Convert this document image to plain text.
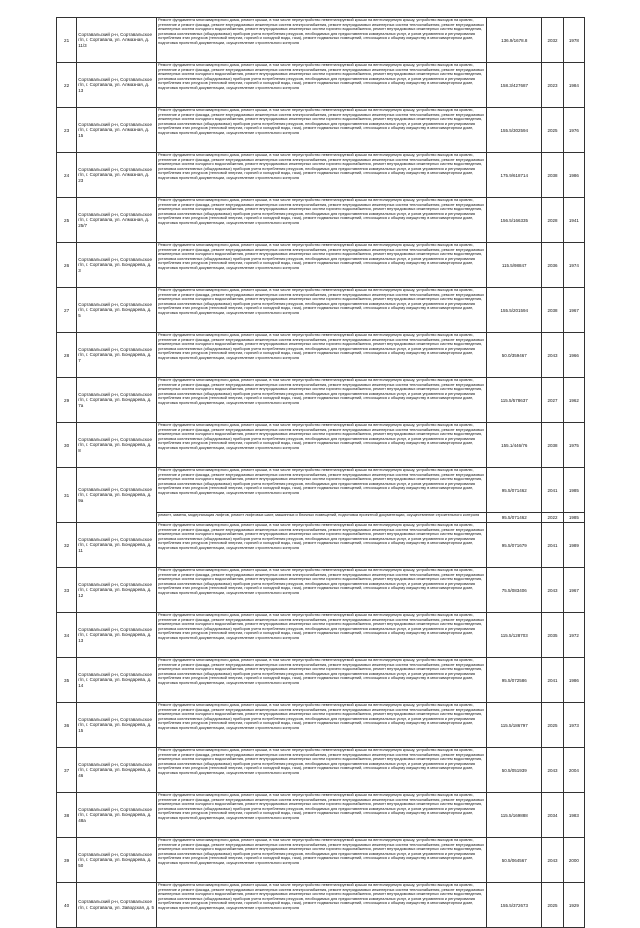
21	Сортавальский р-н, Сортавальское г/п, г. Сортавала, ул. Алмазная, д. 11/3	Ремонт фундамента многоквартирного дома, ремонт крыши, в том числе переустройство невентилируемой крыши на вентилируемую крышу, устройство выходов на кровлю, утепление и ремонт фасада, ремонт внутридомовых инженерных систем электроснабжения, ремонт внутридомовых инженерных систем теплоснабжения, ремонт внутридомовых инженерных систем холодного водоснабжения, ремонт внутридомовых инженерных систем горячего водоснабжения, ремонт внутридомовых инженерных систем водоотведения, установка коллективных (общедомовых) приборов учета потребления ресурсов, необходимых для предоставления коммунальных услуг, и узлов управления и регулирования потребления этих ресурсов (тепловой энергии, горячей и холодной воды, газа), ремонт подвальных помещений, относящихся к общему имуществу в многоквартирном доме, подготовка проектной документации, осуществление строительного контроля	136.9/1678.8	2032	1978
22	Сортавальский р-н, Сортавальское г/п, г. Сортавала, ул. Алмазная, д. 13	Ремонт фундамента многоквартирного дома, ремонт крыши, в том числе переустройство невентилируемой крыши на вентилируемую крышу, устройство выходов на кровлю, утепление и ремонт фасада, ремонт внутридомовых инженерных систем электроснабжения, ремонт внутридомовых инженерных систем теплоснабжения, ремонт внутридомовых инженерных систем холодного водоснабжения, ремонт внутридомовых инженерных систем горячего водоснабжения, ремонт внутридомовых инженерных систем водоотведения, установка коллективных (общедомовых) приборов учета потребления ресурсов, необходимых для предоставления коммунальных услуг, и узлов управления и регулирования потребления этих ресурсов (тепловой энергии, горячей и холодной воды, газа), ремонт подвальных помещений, относящихся к общему имуществу в многоквартирном доме, подготовка проектной документации, осуществление строительного контроля	158.3/427687	2023	1984
23	Сортавальский р-н, Сортавальское г/п, г. Сортавала, ул. Алмазная, д. 15	Ремонт фундамента многоквартирного дома, ремонт крыши, в том числе переустройство невентилируемой крыши на вентилируемую крышу, устройство выходов на кровлю, утепление и ремонт фасада, ремонт внутридомовых инженерных систем электроснабжения, ремонт внутридомовых инженерных систем теплоснабжения, ремонт внутридомовых инженерных систем холодного водоснабжения, ремонт внутридомовых инженерных систем горячего водоснабжения, ремонт внутридомовых инженерных систем водоотведения, установка коллективных (общедомовых) приборов учета потребления ресурсов, необходимых для предоставления коммунальных услуг, и узлов управления и регулирования потребления этих ресурсов (тепловой энергии, горячей и холодной воды, газа), ремонт подвальных помещений, относящихся к общему имуществу в многоквартирном доме, подготовка проектной документации, осуществление строительного контроля	155.5/302594	2025	1976
24	Сортавальский р-н, Сортавальское г/п, г. Сортавала, ул. Алмазная, д. 23	Ремонт фундамента многоквартирного дома, ремонт крыши, в том числе переустройство невентилируемой крыши на вентилируемую крышу, устройство выходов на кровлю, утепление и ремонт фасада, ремонт внутридомовых инженерных систем электроснабжения, ремонт внутридомовых инженерных систем теплоснабжения, ремонт внутридомовых инженерных систем холодного водоснабжения, ремонт внутридомовых инженерных систем горячего водоснабжения, ремонт внутридомовых инженерных систем водоотведения, установка коллективных (общедомовых) приборов учета потребления ресурсов, необходимых для предоставления коммунальных услуг, и узлов управления и регулирования потребления этих ресурсов (тепловой энергии, горячей и холодной воды, газа), ремонт подвальных помещений, относящихся к общему имуществу в многоквартирном доме, подготовка проектной документации, осуществление строительного контроля	175.9/618714	2038	1986
25	Сортавальский р-н, Сортавальское г/п, г. Сортавала, ул. Алмазная, д. 25/7	Ремонт фундамента многоквартирного дома, ремонт крыши, в том числе переустройство невентилируемой крыши на вентилируемую крышу, устройство выходов на кровлю, утепление и ремонт фасада, ремонт внутридомовых инженерных систем электроснабжения, ремонт внутридомовых инженерных систем теплоснабжения, ремонт внутридомовых инженерных систем холодного водоснабжения, ремонт внутридомовых инженерных систем горячего водоснабжения, ремонт внутридомовых инженерных систем водоотведения, установка коллективных (общедомовых) приборов учета потребления ресурсов, необходимых для предоставления коммунальных услуг, и узлов управления и регулирования потребления этих ресурсов (тепловой энергии, горячей и холодной воды, газа), ремонт подвальных помещений, относящихся к общему имуществу в многоквартирном доме, подготовка проектной документации, осуществление строительного контроля	156.5/166335	2028	1941
26	Сортавальский р-н, Сортавальское г/п, г. Сортавала, ул. Бондарева, д. 3	Ремонт фундамента многоквартирного дома, ремонт крыши, в том числе переустройство невентилируемой крыши на вентилируемую крышу, устройство выходов на кровлю, утепление и ремонт фасада, ремонт внутридомовых инженерных систем электроснабжения, ремонт внутридомовых инженерных систем теплоснабжения, ремонт внутридомовых инженерных систем холодного водоснабжения, ремонт внутридомовых инженерных систем горячего водоснабжения, ремонт внутридомовых инженерных систем водоотведения, установка коллективных (общедомовых) приборов учета потребления ресурсов, необходимых для предоставления коммунальных услуг, и узлов управления и регулирования потребления этих ресурсов (тепловой энергии, горячей и холодной воды, газа), ремонт подвальных помещений, относящихся к общему имуществу в многоквартирном доме, подготовка проектной документации, осуществление строительного контроля	115.5/98847	2036	1974
27	Сортавальский р-н, Сортавальское г/п, г. Сортавала, ул. Бондарева, д. 5	Ремонт фундамента многоквартирного дома, ремонт крыши, в том числе переустройство невентилируемой крыши на вентилируемую крышу, устройство выходов на кровлю, утепление и ремонт фасада, ремонт внутридомовых инженерных систем электроснабжения, ремонт внутридомовых инженерных систем теплоснабжения, ремонт внутридомовых инженерных систем холодного водоснабжения, ремонт внутридомовых инженерных систем горячего водоснабжения, ремонт внутридомовых инженерных систем водоотведения, установка коллективных (общедомовых) приборов учета потребления ресурсов, необходимых для предоставления коммунальных услуг, и узлов управления и регулирования потребления этих ресурсов (тепловой энергии, горячей и холодной воды, газа), ремонт подвальных помещений, относящихся к общему имуществу в многоквартирном доме, подготовка проектной документации, осуществление строительного контроля	155.5/201594	2038	1967
28	Сортавальский р-н, Сортавальское г/п, г. Сортавала, ул. Бондарева, д. 7	Ремонт фундамента многоквартирного дома, ремонт крыши, в том числе переустройство невентилируемой крыши на вентилируемую крышу, устройство выходов на кровлю, утепление и ремонт фасада, ремонт внутридомовых инженерных систем электроснабжения, ремонт внутридомовых инженерных систем теплоснабжения, ремонт внутридомовых инженерных систем холодного водоснабжения, ремонт внутридомовых инженерных систем горячего водоснабжения, ремонт внутридомовых инженерных систем водоотведения, установка коллективных (общедомовых) приборов учета потребления ресурсов, необходимых для предоставления коммунальных услуг, и узлов управления и регулирования потребления этих ресурсов (тепловой энергии, горячей и холодной воды, газа), ремонт подвальных помещений, относящихся к общему имуществу в многоквартирном доме, подготовка проектной документации, осуществление строительного контроля	50.0/359467	2043	1966
29	Сортавальский р-н, Сортавальское г/п, г. Сортавала, ул. Бондарева, д. 7а	Ремонт фундамента многоквартирного дома, ремонт крыши, в том числе переустройство невентилируемой крыши на вентилируемую крышу, устройство выходов на кровлю, утепление и ремонт фасада, ремонт внутридомовых инженерных систем электроснабжения, ремонт внутридомовых инженерных систем теплоснабжения, ремонт внутридомовых инженерных систем холодного водоснабжения, ремонт внутридомовых инженерных систем горячего водоснабжения, ремонт внутридомовых инженерных систем водоотведения, установка коллективных (общедомовых) приборов учета потребления ресурсов, необходимых для предоставления коммунальных услуг, и узлов управления и регулирования потребления этих ресурсов (тепловой энергии, горячей и холодной воды, газа), ремонт подвальных помещений, относящихся к общему имуществу в многоквартирном доме, подготовка проектной документации, осуществление строительного контроля	115.5/578637	2027	1962
30	Сортавальский р-н, Сортавальское г/п, г. Сортавала, ул. Бондарева, д. 8	Ремонт фундамента многоквартирного дома, ремонт крыши, в том числе переустройство невентилируемой крыши на вентилируемую крышу, устройство выходов на кровлю, утепление и ремонт фасада, ремонт внутридомовых инженерных систем электроснабжения, ремонт внутридомовых инженерных систем теплоснабжения, ремонт внутридомовых инженерных систем холодного водоснабжения, ремонт внутридомовых инженерных систем горячего водоснабжения, ремонт внутридомовых инженерных систем водоотведения, установка коллективных (общедомовых) приборов учета потребления ресурсов, необходимых для предоставления коммунальных услуг, и узлов управления и регулирования потребления этих ресурсов (тепловой энергии, горячей и холодной воды, газа), ремонт подвальных помещений, относящихся к общему имуществу в многоквартирном доме, подготовка проектной документации, осуществление строительного контроля	155.1/446/76	2038	1975
31	Сортавальский р-н, Сортавальское г/п, г. Сортавала, ул. Бондарева, д. 9а	Ремонт фундамента многоквартирного дома, ремонт крыши, в том числе переустройство невентилируемой крыши на вентилируемую крышу, устройство выходов на кровлю, утепление и ремонт фасада, ремонт внутридомовых инженерных систем электроснабжения, ремонт внутридомовых инженерных систем теплоснабжения, ремонт внутридомовых инженерных систем холодного водоснабжения, ремонт внутридомовых инженерных систем горячего водоснабжения, ремонт внутридомовых инженерных систем водоотведения, установка коллективных (общедомовых) приборов учета потребления ресурсов, необходимых для предоставления коммунальных услуг, и узлов управления и регулирования потребления этих ресурсов (тепловой энергии, горячей и холодной воды, газа), ремонт подвальных помещений, относящихся к общему имуществу в многоквартирном доме, подготовка проектной документации, осуществление строительного контроля	95.5/071462	2041	1985

		ремонт, замена, модернизация лифтов, ремонт лифтовых шахт, машинных и блочных помещений, подготовка проектной документации, осуществление строительного контроля	95.5/071462	2022	1985
32	Сортавальский р-н, Сортавальское г/п, г. Сортавала, ул. Бондарева, д. 11	Ремонт фундамента многоквартирного дома, ремонт крыши, в том числе переустройство невентилируемой крыши на вентилируемую крышу, устройство выходов на кровлю, утепление и ремонт фасада, ремонт внутридомовых инженерных систем электроснабжения, ремонт внутридомовых инженерных систем теплоснабжения, ремонт внутридомовых инженерных систем холодного водоснабжения, ремонт внутридомовых инженерных систем горячего водоснабжения, ремонт внутридомовых инженерных систем водоотведения, установка коллективных (общедомовых) приборов учета потребления ресурсов, необходимых для предоставления коммунальных услуг, и узлов управления и регулирования потребления этих ресурсов (тепловой энергии, горячей и холодной воды, газа), ремонт подвальных помещений, относящихся к общему имуществу в многоквартирном доме, подготовка проектной документации, осуществление строительного контроля	95.5/071679	2041	1989
33	Сортавальский р-н, Сортавальское г/п, г. Сортавала, ул. Бондарева, д. 12	Ремонт фундамента многоквартирного дома, ремонт крыши, в том числе переустройство невентилируемой крыши на вентилируемую крышу, устройство выходов на кровлю, утепление и ремонт фасада, ремонт внутридомовых инженерных систем электроснабжения, ремонт внутридомовых инженерных систем теплоснабжения, ремонт внутридомовых инженерных систем холодного водоснабжения, ремонт внутридомовых инженерных систем горячего водоснабжения, ремонт внутридомовых инженерных систем водоотведения, установка коллективных (общедомовых) приборов учета потребления ресурсов, необходимых для предоставления коммунальных услуг, и узлов управления и регулирования потребления этих ресурсов (тепловой энергии, горячей и холодной воды, газа), ремонт подвальных помещений, относящихся к общему имуществу в многоквартирном доме, подготовка проектной документации, осуществление строительного контроля	75.5/083406	2043	1967
34	Сортавальский р-н, Сортавальское г/п, г. Сортавала, ул. Бондарева, д. 13	Ремонт фундамента многоквартирного дома, ремонт крыши, в том числе переустройство невентилируемой крыши на вентилируемую крышу, устройство выходов на кровлю, утепление и ремонт фасада, ремонт внутридомовых инженерных систем электроснабжения, ремонт внутридомовых инженерных систем теплоснабжения, ремонт внутридомовых инженерных систем холодного водоснабжения, ремонт внутридомовых инженерных систем горячего водоснабжения, ремонт внутридомовых инженерных систем водоотведения, установка коллективных (общедомовых) приборов учета потребления ресурсов, необходимых для предоставления коммунальных услуг, и узлов управления и регулирования потребления этих ресурсов (тепловой энергии, горячей и холодной воды, газа), ремонт подвальных помещений, относящихся к общему имуществу в многоквартирном доме, подготовка проектной документации, осуществление строительного контроля	115.5/128703	2035	1972
35	Сортавальский р-н, Сортавальское г/п, г. Сортавала, ул. Бондарева, д. 14	Ремонт фундамента многоквартирного дома, ремонт крыши, в том числе переустройство невентилируемой крыши на вентилируемую крышу, устройство выходов на кровлю, утепление и ремонт фасада, ремонт внутридомовых инженерных систем электроснабжения, ремонт внутридомовых инженерных систем теплоснабжения, ремонт внутридомовых инженерных систем холодного водоснабжения, ремонт внутридомовых инженерных систем горячего водоснабжения, ремонт внутридомовых инженерных систем водоотведения, установка коллективных (общедомовых) приборов учета потребления ресурсов, необходимых для предоставления коммунальных услуг, и узлов управления и регулирования потребления этих ресурсов (тепловой энергии, горячей и холодной воды, газа), ремонт подвальных помещений, относящихся к общему имуществу в многоквартирном доме, подготовка проектной документации, осуществление строительного контроля	95.5/072586	2041	1986
36	Сортавальский р-н, Сортавальское г/п, г. Сортавала, ул. Бондарева, д. 15	Ремонт фундамента многоквартирного дома, ремонт крыши, в том числе переустройство невентилируемой крыши на вентилируемую крышу, устройство выходов на кровлю, утепление и ремонт фасада, ремонт внутридомовых инженерных систем электроснабжения, ремонт внутридомовых инженерных систем теплоснабжения, ремонт внутридомовых инженерных систем холодного водоснабжения, ремонт внутридомовых инженерных систем горячего водоснабжения, ремонт внутридомовых инженерных систем водоотведения, установка коллективных (общедомовых) приборов учета потребления ресурсов, необходимых для предоставления коммунальных услуг, и узлов управления и регулирования потребления этих ресурсов (тепловой энергии, горячей и холодной воды, газа), ремонт подвальных помещений, относящихся к общему имуществу в многоквартирном доме, подготовка проектной документации, осуществление строительного контроля	115.5/186797	2025	1973
37	Сортавальский р-н, Сортавальское г/п, г. Сортавала, ул. Бондарева, д. 46	Ремонт фундамента многоквартирного дома, ремонт крыши, в том числе переустройство невентилируемой крыши на вентилируемую крышу, устройство выходов на кровлю, утепление и ремонт фасада, ремонт внутридомовых инженерных систем электроснабжения, ремонт внутридомовых инженерных систем теплоснабжения, ремонт внутридомовых инженерных систем холодного водоснабжения, ремонт внутридомовых инженерных систем горячего водоснабжения, ремонт внутридомовых инженерных систем водоотведения, установка коллективных (общедомовых) приборов учета потребления ресурсов, необходимых для предоставления коммунальных услуг, и узлов управления и регулирования потребления этих ресурсов (тепловой энергии, горячей и холодной воды, газа), ремонт подвальных помещений, относящихся к общему имуществу в многоквартирном доме, подготовка проектной документации, осуществление строительного контроля	50.5/051939	2043	2004
38	Сортавальский р-н, Сортавальское г/п, г. Сортавала, ул. Бондарева, д. 48а	Ремонт фундамента многоквартирного дома, ремонт крыши, в том числе переустройство невентилируемой крыши на вентилируемую крышу, устройство выходов на кровлю, утепление и ремонт фасада, ремонт внутридомовых инженерных систем электроснабжения, ремонт внутридомовых инженерных систем теплоснабжения, ремонт внутридомовых инженерных систем холодного водоснабжения, ремонт внутридомовых инженерных систем горячего водоснабжения, ремонт внутридомовых инженерных систем водоотведения, установка коллективных (общедомовых) приборов учета потребления ресурсов, необходимых для предоставления коммунальных услуг, и узлов управления и регулирования потребления этих ресурсов (тепловой энергии, горячей и холодной воды, газа), ремонт подвальных помещений, относящихся к общему имуществу в многоквартирном доме, подготовка проектной документации, осуществление строительного контроля	115.5/169888	2034	1983
39	Сортавальский р-н, Сортавальское г/п, г. Сортавала, ул. Бондарева, д. 50	Ремонт фундамента многоквартирного дома, ремонт крыши, в том числе переустройство невентилируемой крыши на вентилируемую крышу, устройство выходов на кровлю, утепление и ремонт фасада, ремонт внутридомовых инженерных систем электроснабжения, ремонт внутридомовых инженерных систем теплоснабжения, ремонт внутридомовых инженерных систем холодного водоснабжения, ремонт внутридомовых инженерных систем горячего водоснабжения, ремонт внутридомовых инженерных систем водоотведения, установка коллективных (общедомовых) приборов учета потребления ресурсов, необходимых для предоставления коммунальных услуг, и узлов управления и регулирования потребления этих ресурсов (тепловой энергии, горячей и холодной воды, газа), ремонт подвальных помещений, относящихся к общему имуществу в многоквартирном доме, подготовка проектной документации, осуществление строительного контроля	50.5/064567	2043	2000
40	Сортавальский р-н, Сортавальское г/п, г. Сортавала, ул. Заводская, д. 5	Ремонт фундамента многоквартирного дома, ремонт крыши, в том числе переустройство невентилируемой крыши на вентилируемую крышу, устройство выходов на кровлю, утепление и ремонт фасада, ремонт внутридомовых инженерных систем электроснабжения, ремонт внутридомовых инженерных систем теплоснабжения, ремонт внутридомовых инженерных систем холодного водоснабжения, ремонт внутридомовых инженерных систем горячего водоснабжения, ремонт внутридомовых инженерных систем водоотведения, установка коллективных (общедомовых) приборов учета потребления ресурсов, необходимых для предоставления коммунальных услуг, и узлов управления и регулирования потребления этих ресурсов (тепловой энергии, горячей и холодной воды, газа), ремонт подвальных помещений, относящихся к общему имуществу в многоквартирном доме, подготовка проектной документации, осуществление строительного контроля	155.5/372673	2025	1929
